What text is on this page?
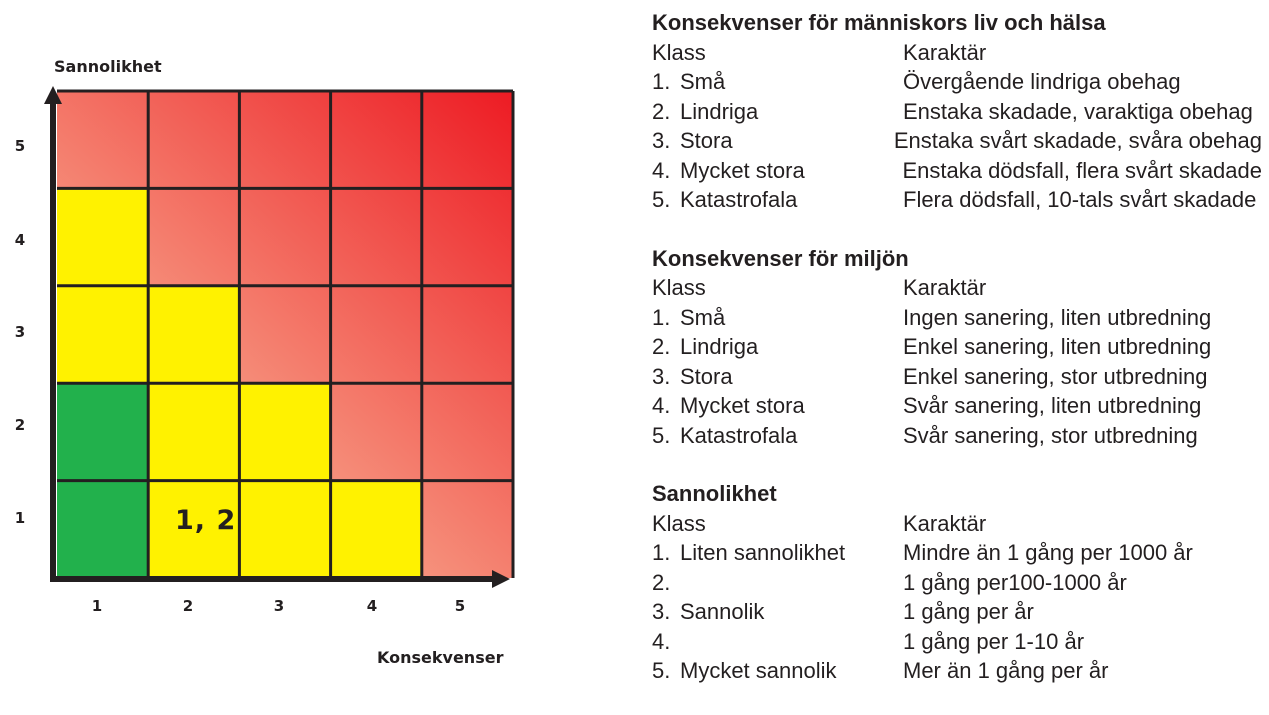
Sannolikhet
Konsekvenser
5
4
3
2
1
1	2	3	4	5
1, 2
Konsekvenser för människors liv och hälsa
Klass	Karaktär
1. Små	Övergående lindriga obehag
2. Lindriga	Enstaka skadade, varaktiga obehag
3. Stora	Enstaka svårt skadade, svåra obehag
4. Mycket stora	Enstaka dödsfall, flera svårt skadade
5. Katastrofala	Flera dödsfall, 10-tals svårt skadade
Konsekvenser för miljön
Klass	Karaktär
1. Små	Ingen sanering, liten utbredning
2. Lindriga	Enkel sanering, liten utbredning
3. Stora	Enkel sanering, stor utbredning
4. Mycket stora	Svår sanering, liten utbredning
5. Katastrofala	Svår sanering, stor utbredning
Sannolikhet
Klass	Karaktär
1. Liten sannolikhet	Mindre än 1 gång per 1000 år
2.	1 gång per100-1000 år
3. Sannolik	1 gång per år
4.	1 gång per 1-10 år
5. Mycket sannolik	Mer än 1 gång per år
